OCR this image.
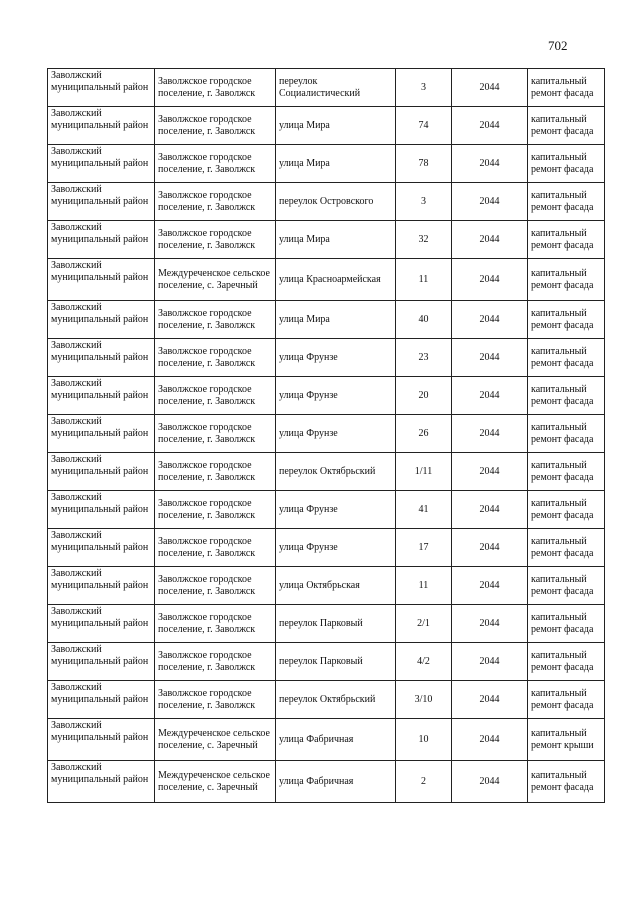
702
Заволжский муниципальный район	Заволжское городское поселение, г. Заволжск	переулок Социалистический	3	2044	капитальный ремонт фасада
Заволжский муниципальный район	Заволжское городское поселение, г. Заволжск	улица Мира	74	2044	капитальный ремонт фасада
Заволжский муниципальный район	Заволжское городское поселение, г. Заволжск	улица Мира	78	2044	капитальный ремонт фасада
Заволжский муниципальный район	Заволжское городское поселение, г. Заволжск	переулок Островского	3	2044	капитальный ремонт фасада
Заволжский муниципальный район	Заволжское городское поселение, г. Заволжск	улица Мира	32	2044	капитальный ремонт фасада
Заволжский муниципальный район	Междуреченское сельское поселение, с. Заречный	улица Красноармейская	11	2044	капитальный ремонт фасада
Заволжский муниципальный район	Заволжское городское поселение, г. Заволжск	улица Мира	40	2044	капитальный ремонт фасада
Заволжский муниципальный район	Заволжское городское поселение, г. Заволжск	улица Фрунзе	23	2044	капитальный ремонт фасада
Заволжский муниципальный район	Заволжское городское поселение, г. Заволжск	улица Фрунзе	20	2044	капитальный ремонт фасада
Заволжский муниципальный район	Заволжское городское поселение, г. Заволжск	улица Фрунзе	26	2044	капитальный ремонт фасада
Заволжский муниципальный район	Заволжское городское поселение, г. Заволжск	переулок Октябрьский	1/11	2044	капитальный ремонт фасада
Заволжский муниципальный район	Заволжское городское поселение, г. Заволжск	улица Фрунзе	41	2044	капитальный ремонт фасада
Заволжский муниципальный район	Заволжское городское поселение, г. Заволжск	улица Фрунзе	17	2044	капитальный ремонт фасада
Заволжский муниципальный район	Заволжское городское поселение, г. Заволжск	улица Октябрьская	11	2044	капитальный ремонт фасада
Заволжский муниципальный район	Заволжское городское поселение, г. Заволжск	переулок Парковый	2/1	2044	капитальный ремонт фасада
Заволжский муниципальный район	Заволжское городское поселение, г. Заволжск	переулок Парковый	4/2	2044	капитальный ремонт фасада
Заволжский муниципальный район	Заволжское городское поселение, г. Заволжск	переулок Октябрьский	3/10	2044	капитальный ремонт фасада
Заволжский муниципальный район	Междуреченское сельское поселение, с. Заречный	улица Фабричная	10	2044	капитальный ремонт крыши
Заволжский муниципальный район	Междуреченское сельское поселение, с. Заречный	улица Фабричная	2	2044	капитальный ремонт фасада
